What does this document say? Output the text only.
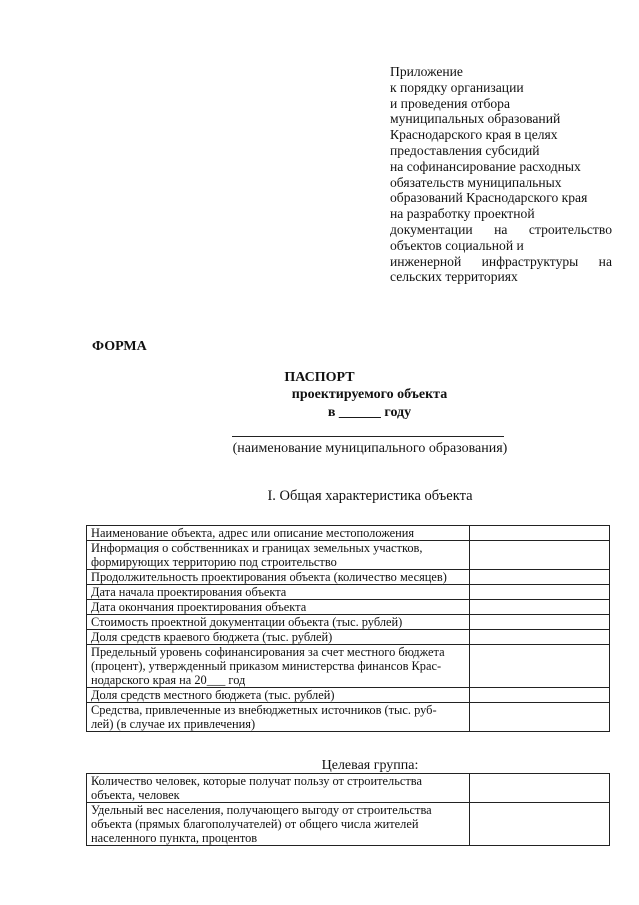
Приложение
к порядку организации
и проведения отбора
муниципальных образований
Краснодарского края в целях
предоставления субсидий
на софинансирование расходных
обязательств муниципальных
образований Краснодарского края
на разработку проектной
документации на строительство
объектов социальной и
инженерной инфраструктуры на
сельских территориях
ФОРМА
ПАСПОРТ
проектируемого объекта
в ______ году
(наименование муниципального образования)
I. Общая характеристика объекта
Наименование объекта, адрес или описание местоположения	

Информация о собственниках и границах земельных участков,
формирующих территорию под строительство	

Продолжительность проектирования объекта (количество месяцев)	

Дата начала проектирования объекта	

Дата окончания проектирования объекта	

Стоимость проектной документации объекта (тыс. рублей)	

Доля средств краевого бюджета (тыс. рублей)	

Предельный уровень софинансирования за счет местного бюджета
(процент), утвержденный приказом министерства финансов Крас-
нодарского края на 20___ год	

Доля средств местного бюджета (тыс. рублей)	

Средства, привлеченные из внебюджетных источников (тыс. руб-
лей) (в случае их привлечения)	

Целевая группа:
Количество человек, которые получат пользу от строительства
объекта, человек	

Удельный вес населения, получающего выгоду от строительства
объекта (прямых благополучателей) от общего числа жителей
населенного пункта, процентов	
